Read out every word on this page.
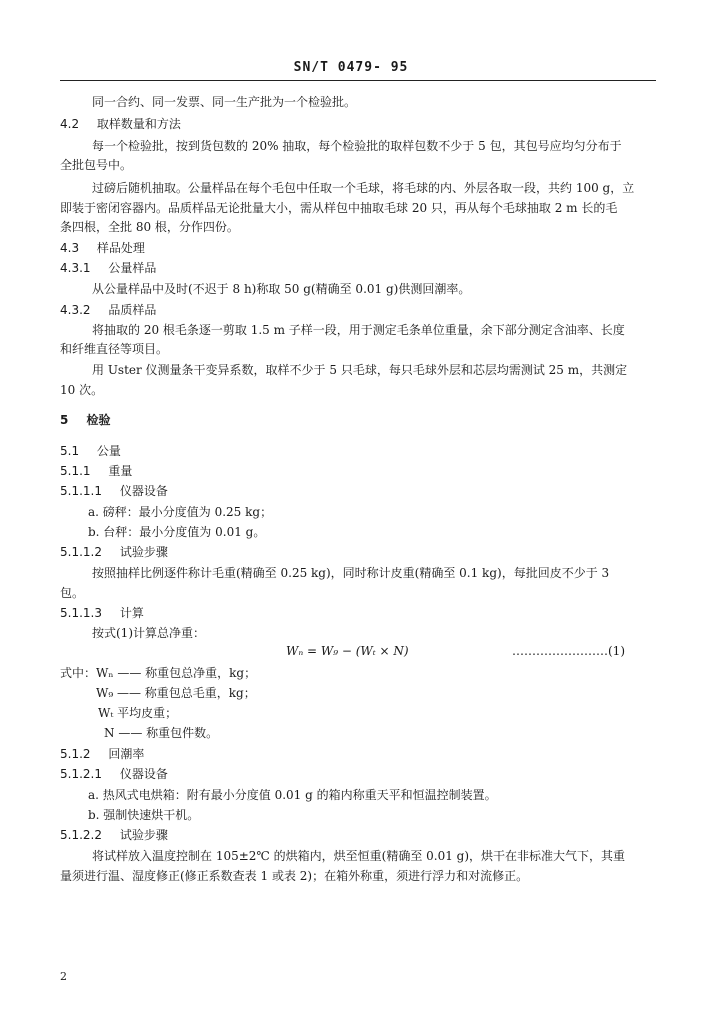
SN/T 0479- 95
同一合约、同一发票、同一生产批为一个检验批。
4.2 取样数量和方法
每一个检验批，按到货包数的 20% 抽取，每个检验批的取样包数不少于 5 包，其包号应均匀分布于
全批包号中。
过磅后随机抽取。公量样品在每个毛包中任取一个毛球，将毛球的内、外层各取一段，共约 100 g，立
即装于密闭容器内。品质样品无论批量大小，需从样包中抽取毛球 20 只，再从每个毛球抽取 2 m 长的毛
条四根，全批 80 根，分作四份。
4.3 样品处理
4.3.1 公量样品
从公量样品中及时(不迟于 8 h)称取 50 g(精确至 0.01 g)供测回潮率。
4.3.2 品质样品
将抽取的 20 根毛条逐一剪取 1.5 m 子样一段，用于测定毛条单位重量，余下部分测定含油率、长度
和纤维直径等项目。
用 Uster 仪测量条干变异系数，取样不少于 5 只毛球，每只毛球外层和芯层均需测试 25 m，共测定
10 次。
5 检验
5.1 公量
5.1.1 重量
5.1.1.1 仪器设备
a. 磅秤：最小分度值为 0.25 kg；
b. 台秤：最小分度值为 0.01 g。
5.1.1.2 试验步骤
按照抽样比例逐件称计毛重(精确至 0.25 kg)，同时称计皮重(精确至 0.1 kg)，每批回皮不少于 3
包。
5.1.1.3 计算
按式(1)计算总净重：
Wₙ = W₉ − (Wₜ × N)	……………………(1)
式中：Wₙ —— 称重包总净重，kg；
W₉ —— 称重包总毛重，kg；
Wₜ 平均皮重；
N —— 称重包件数。
5.1.2 回潮率
5.1.2.1 仪器设备
a. 热风式电烘箱：附有最小分度值 0.01 g 的箱内称重天平和恒温控制装置。
b. 强制快速烘干机。
5.1.2.2 试验步骤
将试样放入温度控制在 105±2℃ 的烘箱内，烘至恒重(精确至 0.01 g)，烘干在非标准大气下，其重
量须进行温、湿度修正(修正系数查表 1 或表 2)；在箱外称重，须进行浮力和对流修正。
2
